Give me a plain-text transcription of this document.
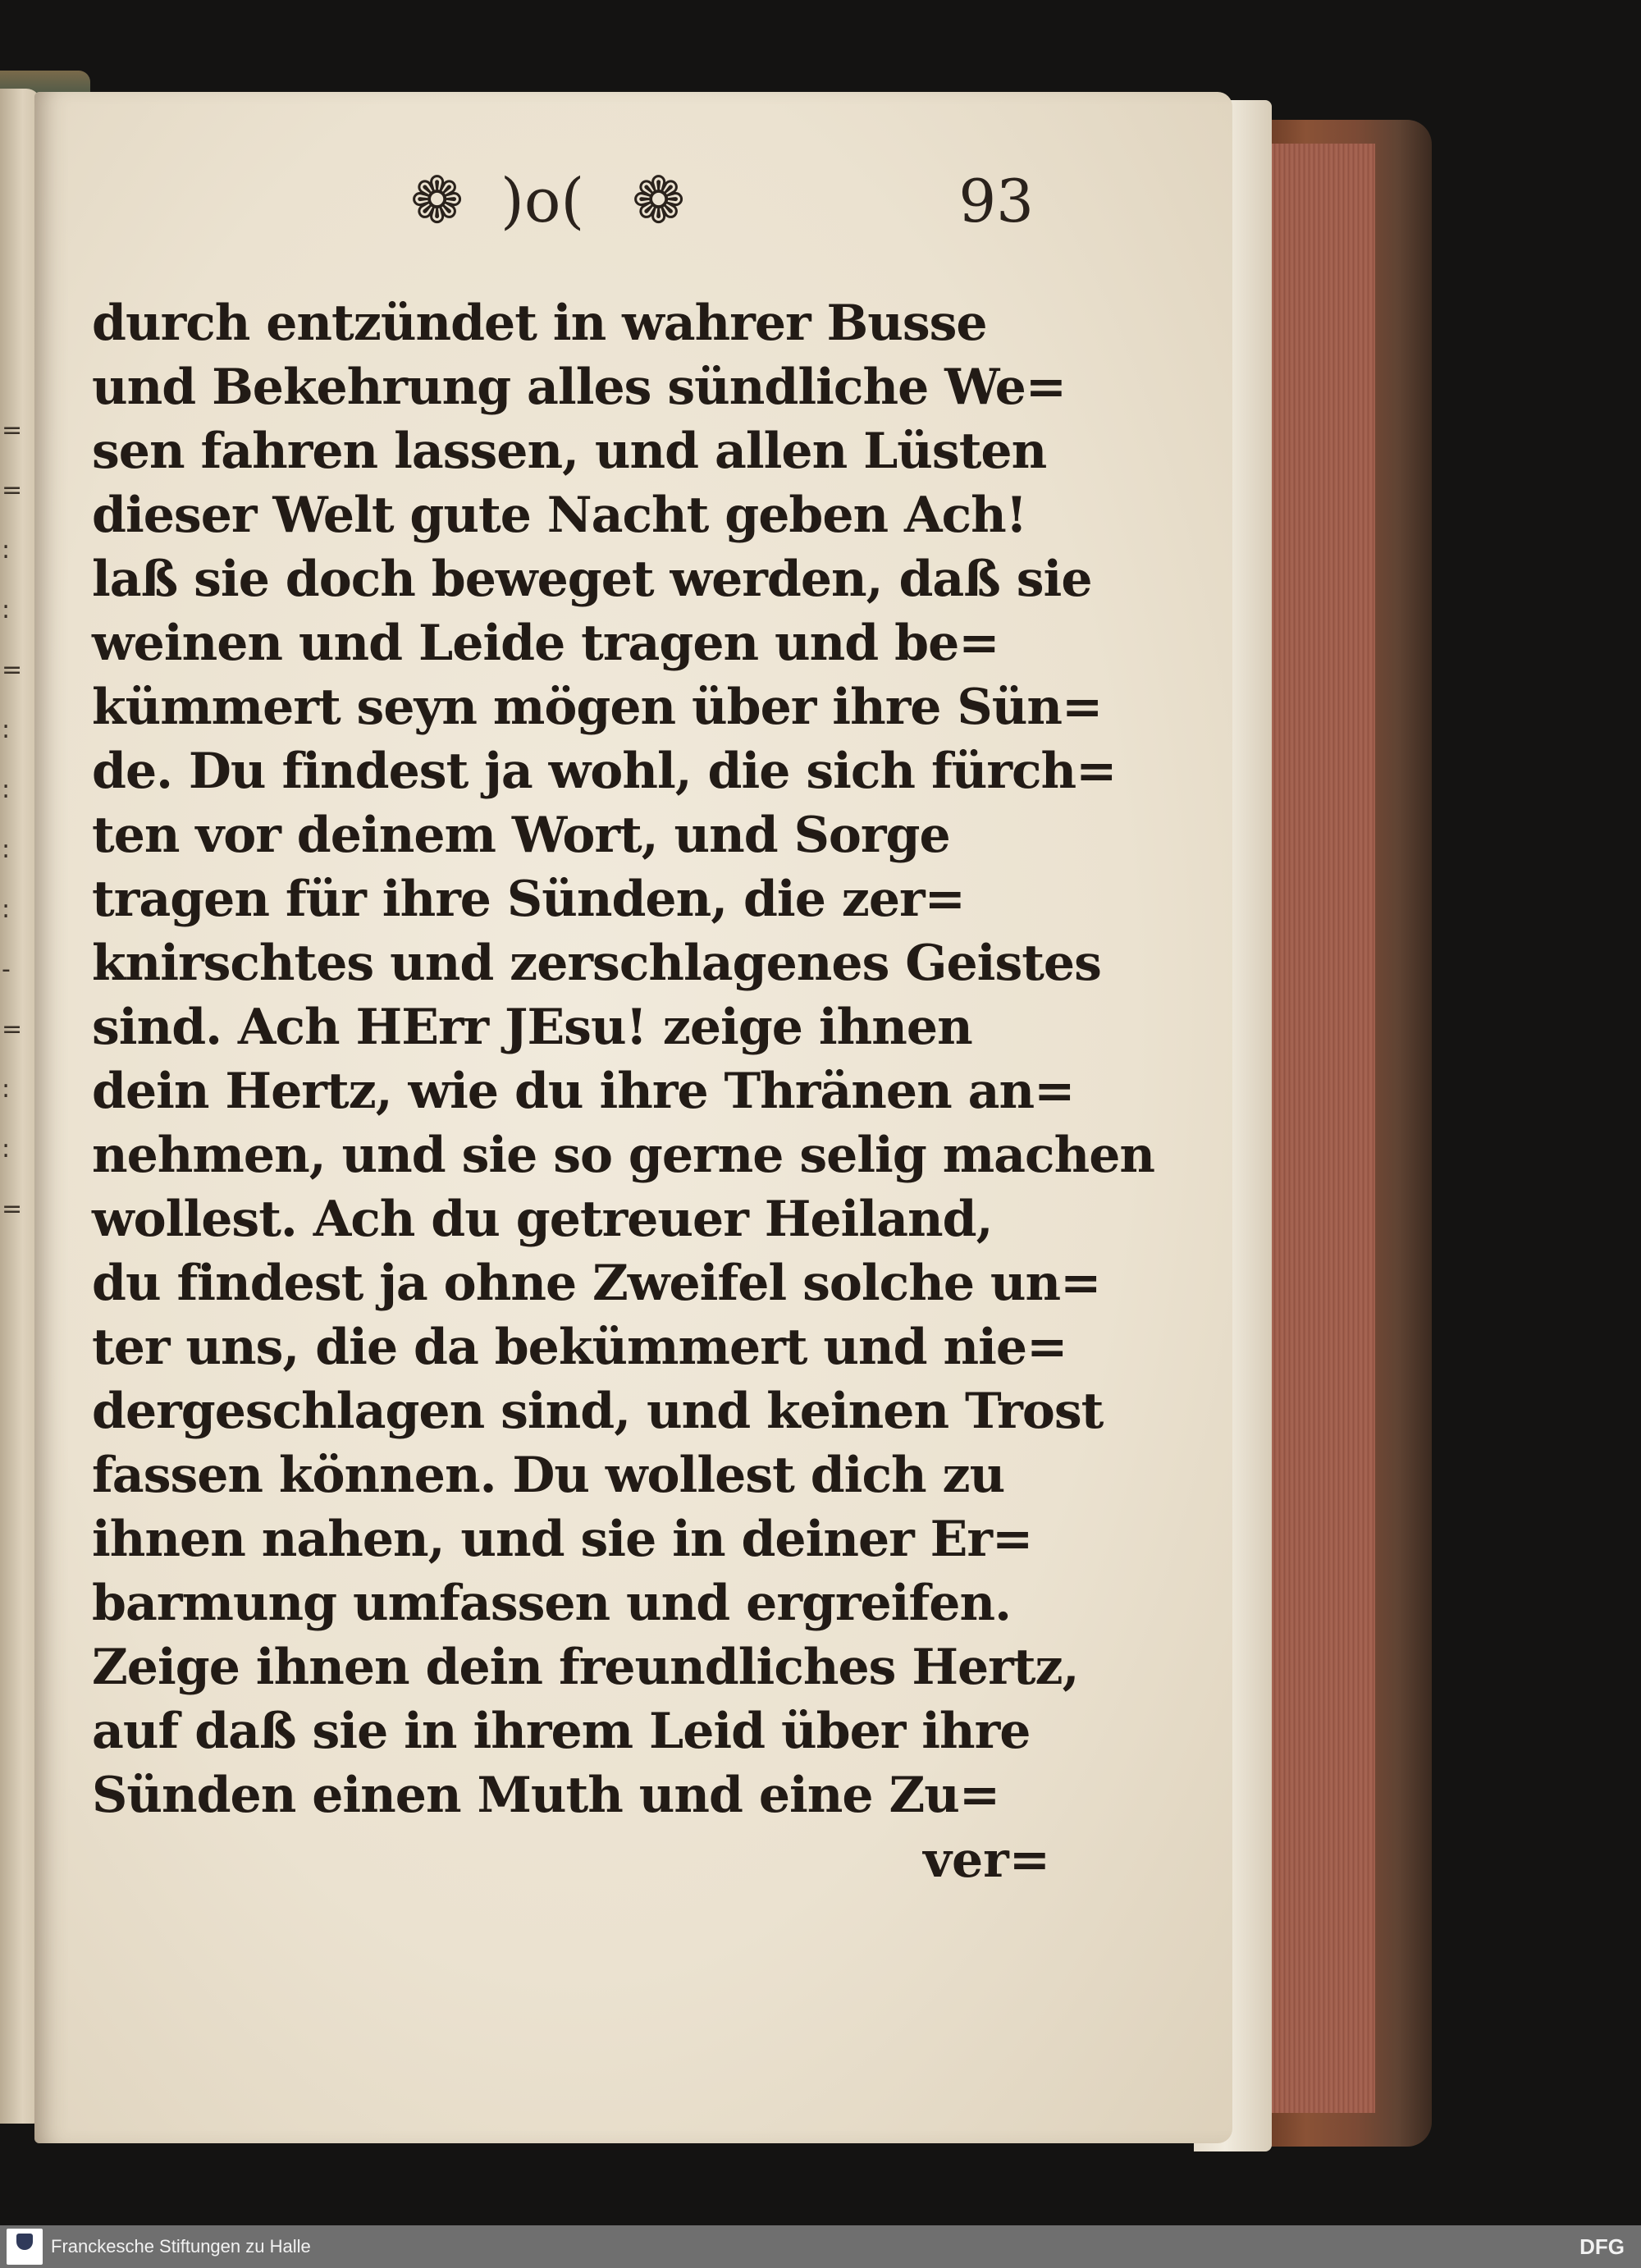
=
=
:
:
=
:
:
:
:
-
=
:
:
=
❁ )o( ❁	93
durch entzündet in wahrer Busse
und Bekehrung alles sündliche We=
sen fahren lassen, und allen Lüsten
dieser Welt gute Nacht geben Ach!
laß sie doch beweget werden, daß sie
weinen und Leide tragen und be=
kümmert seyn mögen über ihre Sün=
de. Du findest ja wohl, die sich fürch=
ten vor deinem Wort, und Sorge
tragen für ihre Sünden, die zer=
knirschtes und zerschlagenes Geistes
sind. Ach HErr JEsu! zeige ihnen
dein Hertz, wie du ihre Thränen an=
nehmen, und sie so gerne selig machen
wollest. Ach du getreuer Heiland,
du findest ja ohne Zweifel solche un=
ter uns, die da bekümmert und nie=
dergeschlagen sind, und keinen Trost
fassen können. Du wollest dich zu
ihnen nahen, und sie in deiner Er=
barmung umfassen und ergreifen.
Zeige ihnen dein freundliches Hertz,
auf daß sie in ihrem Leid über ihre
Sünden einen Muth und eine Zu=
ver=
Franckesche Stiftungen zu Halle	DFG
